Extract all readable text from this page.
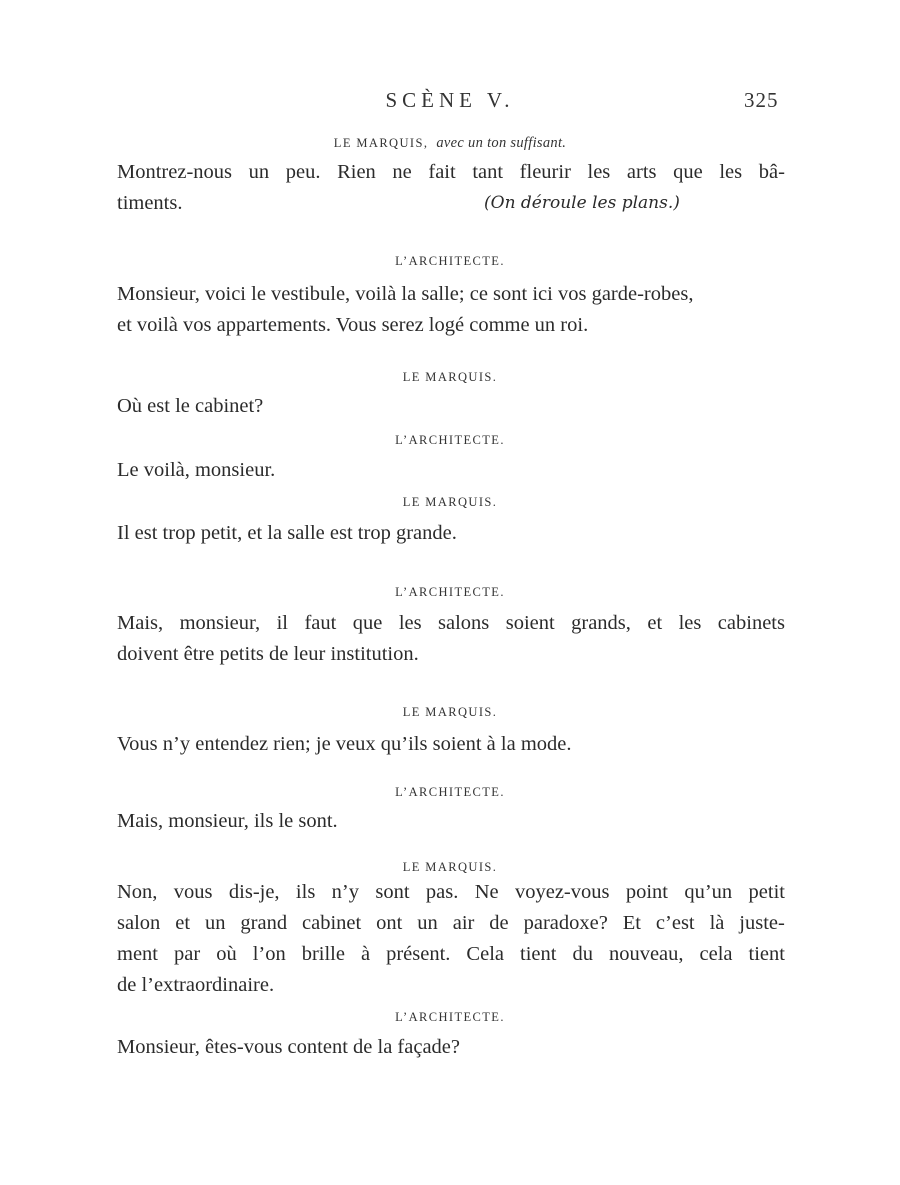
SCÈNE V.	325
LE MARQUIS, avec un ton suffisant.
Montrez-nous un peu. Rien ne fait tant fleurir les arts que les bâ-
timents.	(On déroule les plans.)
L’ARCHITECTE.
Monsieur, voici le vestibule, voilà la salle; ce sont ici vos garde-robes,
et voilà vos appartements. Vous serez logé comme un roi.
LE MARQUIS.
Où est le cabinet?
L’ARCHITECTE.
Le voilà, monsieur.
LE MARQUIS.
Il est trop petit, et la salle est trop grande.
L’ARCHITECTE.
Mais, monsieur, il faut que les salons soient grands, et les cabinets
doivent être petits de leur institution.
LE MARQUIS.
Vous n’y entendez rien; je veux qu’ils soient à la mode.
L’ARCHITECTE.
Mais, monsieur, ils le sont.
LE MARQUIS.
Non, vous dis-je, ils n’y sont pas. Ne voyez-vous point qu’un petit
salon et un grand cabinet ont un air de paradoxe? Et c’est là juste-
ment par où l’on brille à présent. Cela tient du nouveau, cela tient
de l’extraordinaire.
L’ARCHITECTE.
Monsieur, êtes-vous content de la façade?
